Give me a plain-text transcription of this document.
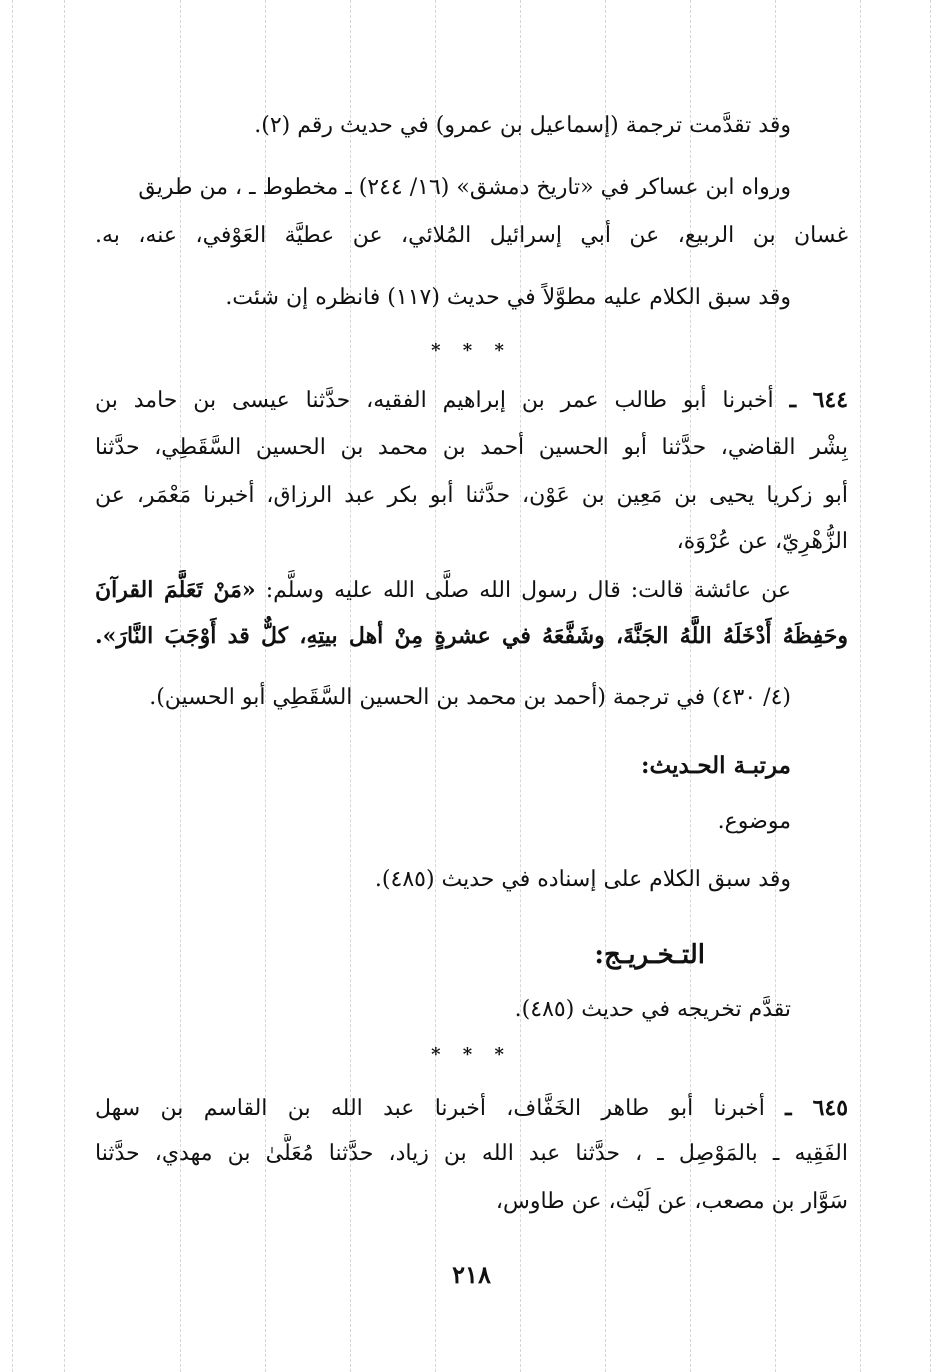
وقد تقدَّمت ترجمة (إسماعيل بن عمرو) في حديث رقم (٢).
ورواه ابن عساكر في «تاريخ دمشق» (١٦/ ٢٤٤) ـ مخطوط ـ ، من طريق
غسان بن الربيع، عن أبي إسرائيل المُلائي، عن عطيَّة العَوْفي، عنه، به.
وقد سبق الكلام عليه مطوَّلاً في حديث (١١٧) فانظره إن شئت.
* * *
٦٤٤ ـ أخبرنا أبو طالب عمر بن إبراهيم الفقيه، حدَّثنا عيسى بن حامد بن
بِشْر القاضي، حدَّثنا أبو الحسين أحمد بن محمد بن الحسين السَّقَطِي، حدَّثنا
أبو زكريا يحيى بن مَعِين بن عَوْن، حدَّثنا أبو بكر عبد الرزاق، أخبرنا مَعْمَر، عن
الزُّهْرِيّ، عن عُرْوَة،
عن عائشة قالت: قال رسول الله صلَّى الله عليه وسلَّم: «مَنْ تَعَلَّمَ القرآنَ
وحَفِظَهُ أَدْخَلَهُ اللَّهُ الجَنَّةَ، وشَفَّعَهُ في عشرةٍ مِنْ أهل بيتِهِ، كلٌّ قد أَوْجَبَ النَّارَ».
(٤/ ٤٣٠) في ترجمة (أحمد بن محمد بن الحسين السَّقَطِي أبو الحسين).
مرتبـة الحـديث:
موضوع.
وقد سبق الكلام على إسناده في حديث (٤٨٥).
التـخـريـج:
تقدَّم تخريجه في حديث (٤٨٥).
* * *
٦٤٥ ـ أخبرنا أبو طاهر الخَفَّاف، أخبرنا عبد الله بن القاسم بن سهل
الفَقِيه ـ بالمَوْصِل ـ ، حدَّثنا عبد الله بن زياد، حدَّثنا مُعَلَّىٰ بن مهدي، حدَّثنا
سَوَّار بن مصعب، عن لَيْث، عن طاوس،
٢١٨
